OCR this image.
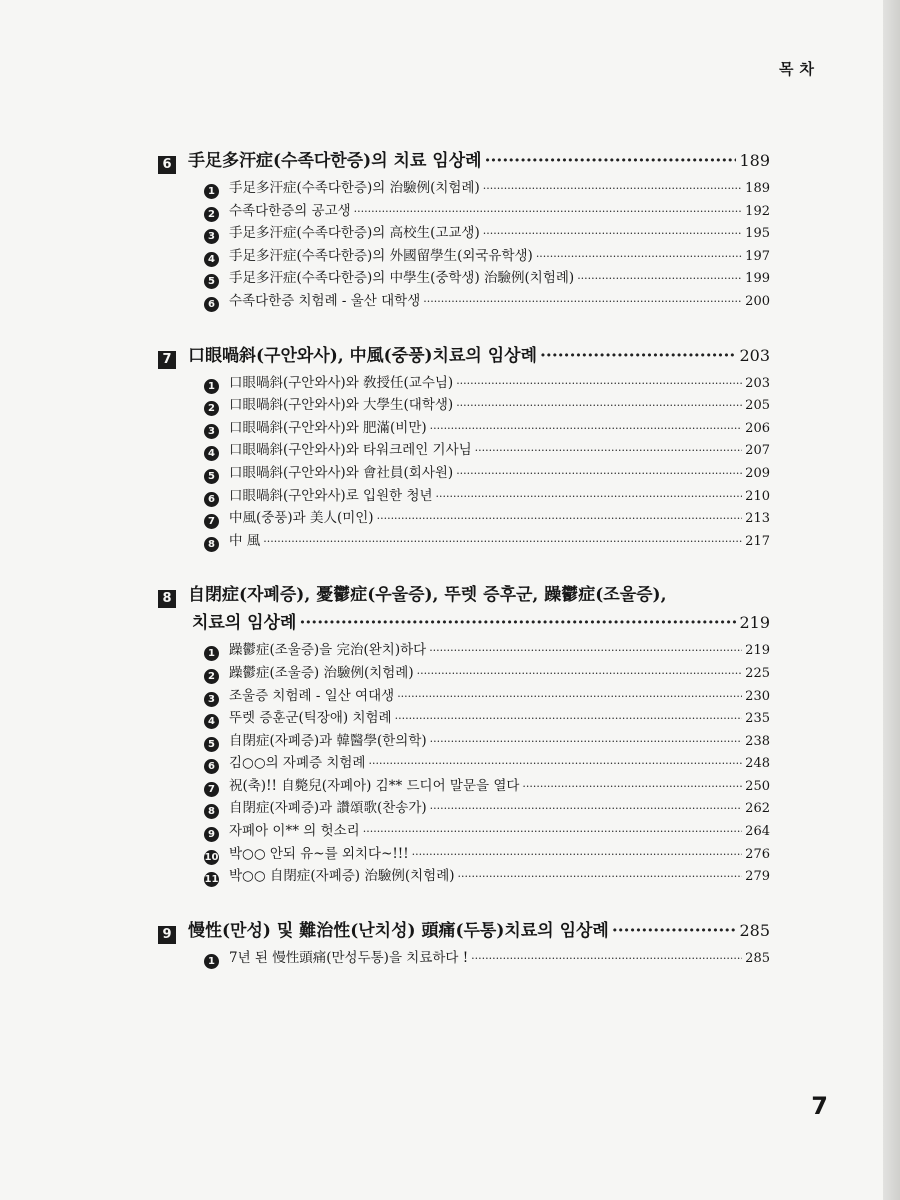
목차
6 手足多汗症(수족다한증)의 치료 임상례 ·····	189
1 手足多汗症(수족다한증)의 治驗例(치험례) ·····	189
2 수족다한증의 공고생 ·····	192
3 手足多汗症(수족다한증)의 高校生(고교생) ·····	195
4 手足多汗症(수족다한증)의 外國留學生(외국유학생) ·····	197
5 手足多汗症(수족다한증)의 中學生(중학생) 治驗例(치험례) ·····	199
6 수족다한증 치험례 - 울산 대학생 ·····	200
7 口眼喎斜(구안와사), 中風(중풍)치료의 임상례 ·····	203
1 口眼喎斜(구안와사)와 敎授任(교수님) ·····	203
2 口眼喎斜(구안와사)와 大學生(대학생) ·····	205
3 口眼喎斜(구안와사)와 肥滿(비만) ·····	206
4 口眼喎斜(구안와사)와 타워크레인 기사님 ·····	207
5 口眼喎斜(구안와사)와 會社員(회사원) ·····	209
6 口眼喎斜(구안와사)로 입원한 청년 ·····	210
7 中風(중풍)과 美人(미인) ·····	213
8 中 風 ·····	217
8 自閉症(자폐증), 憂鬱症(우울증), 뚜렛 증후군, 躁鬱症(조울증),
치료의 임상례 ·····	219
1 躁鬱症(조울증)을 完治(완치)하다 ·····	219
2 躁鬱症(조울증) 治驗例(치험례) ·····	225
3 조울증 치험례 - 일산 여대생 ·····	230
4 뚜렛 증훈군(틱장애) 치험례 ·····	235
5 自閉症(자폐증)과 韓醫學(한의학) ·····	238
6 김○○의 자폐증 치험례 ·····	248
7 祝(축)!! 自斃兒(자폐아) 김** 드디어 말문을 열다 ·····	250
8 自閉症(자폐증)과 讚頌歌(찬송가) ·····	262
9 자폐아 이** 의 헛소리 ·····	264
10 박○○ 안되 유~를 외치다~!!! ·····	276
11 박○○ 自閉症(자폐증) 治驗例(치험례) ·····	279
9 慢性(만성) 및 難治性(난치성) 頭痛(두통)치료의 임상례 ·····	285
1 7년 된 慢性頭痛(만성두통)을 치료하다 ! ·····	285
7
